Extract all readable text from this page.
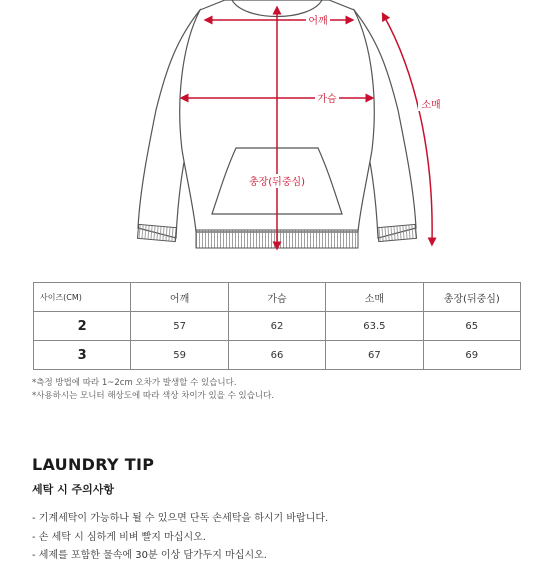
어깨
가슴
소매
총장(뒤중심)
사이즈(CM)	어깨	가슴	소매	총장(뒤중심)
2	57	62	63.5	65
3	59	66	67	69
*측정 방법에 따라 1~2cm 오차가 발생할 수 있습니다.
*사용하시는 모니터 해상도에 따라 색상 차이가 있을 수 있습니다.
LAUNDRY TIP
세탁 시 주의사항
- 기계세탁이 가능하나 될 수 있으면 단독 손세탁을 하시기 바랍니다.
- 손 세탁 시 심하게 비벼 빨지 마십시오.
- 세제를 포함한 물속에 30분 이상 담가두지 마십시오.
